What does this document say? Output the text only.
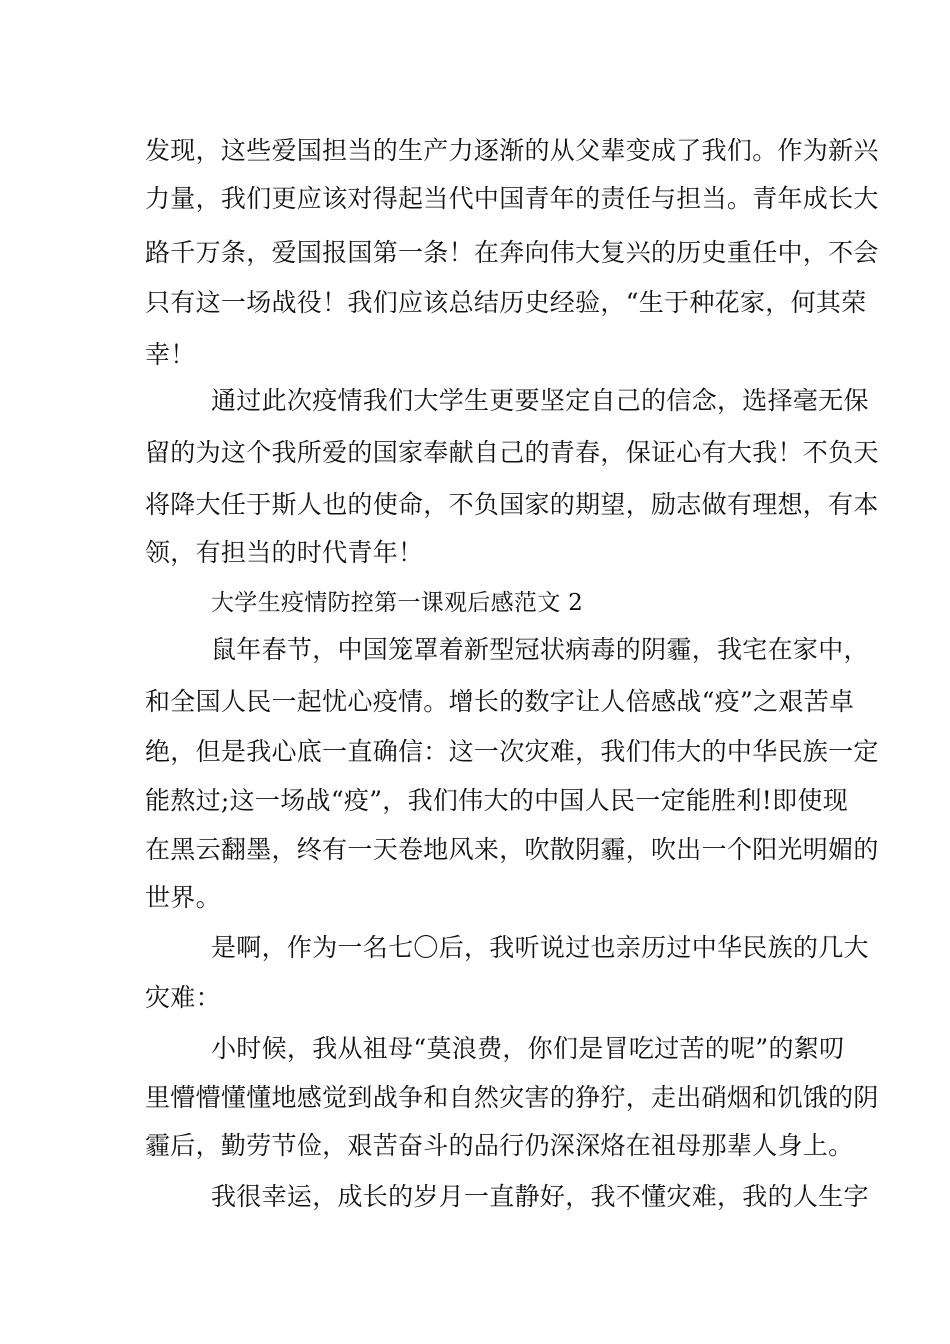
发现，这些爱国担当的生产力逐渐的从父辈变成了我们。作为新兴
力量，我们更应该对得起当代中国青年的责任与担当。青年成长大
路千万条，爱国报国第一条！在奔向伟大复兴的历史重任中，不会
只有这一场战役！我们应该总结历史经验，“生于种花家，何其荣
幸！
通过此次疫情我们大学生更要坚定自己的信念，选择毫无保
留的为这个我所爱的国家奉献自己的青春，保证心有大我！不负天
将降大任于斯人也的使命，不负国家的期望，励志做有理想，有本
领，有担当的时代青年！
大学生疫情防控第一课观后感范文 2
鼠年春节，中国笼罩着新型冠状病毒的阴霾，我宅在家中，
和全国人民一起忧心疫情。增长的数字让人倍感战“疫”之艰苦卓
绝，但是我心底一直确信：这一次灾难，我们伟大的中华民族一定
能熬过;这一场战“疫”，我们伟大的中国人民一定能胜利!即使现
在黑云翻墨，终有一天卷地风来，吹散阴霾，吹出一个阳光明媚的
世界。
是啊，作为一名七〇后，我听说过也亲历过中华民族的几大
灾难：
小时候，我从祖母“莫浪费，你们是冒吃过苦的呢”的絮叨
里懵懵懂懂地感觉到战争和自然灾害的狰狞，走出硝烟和饥饿的阴
霾后，勤劳节俭，艰苦奋斗的品行仍深深烙在祖母那辈人身上。
我很幸运，成长的岁月一直静好，我不懂灾难，我的人生字
